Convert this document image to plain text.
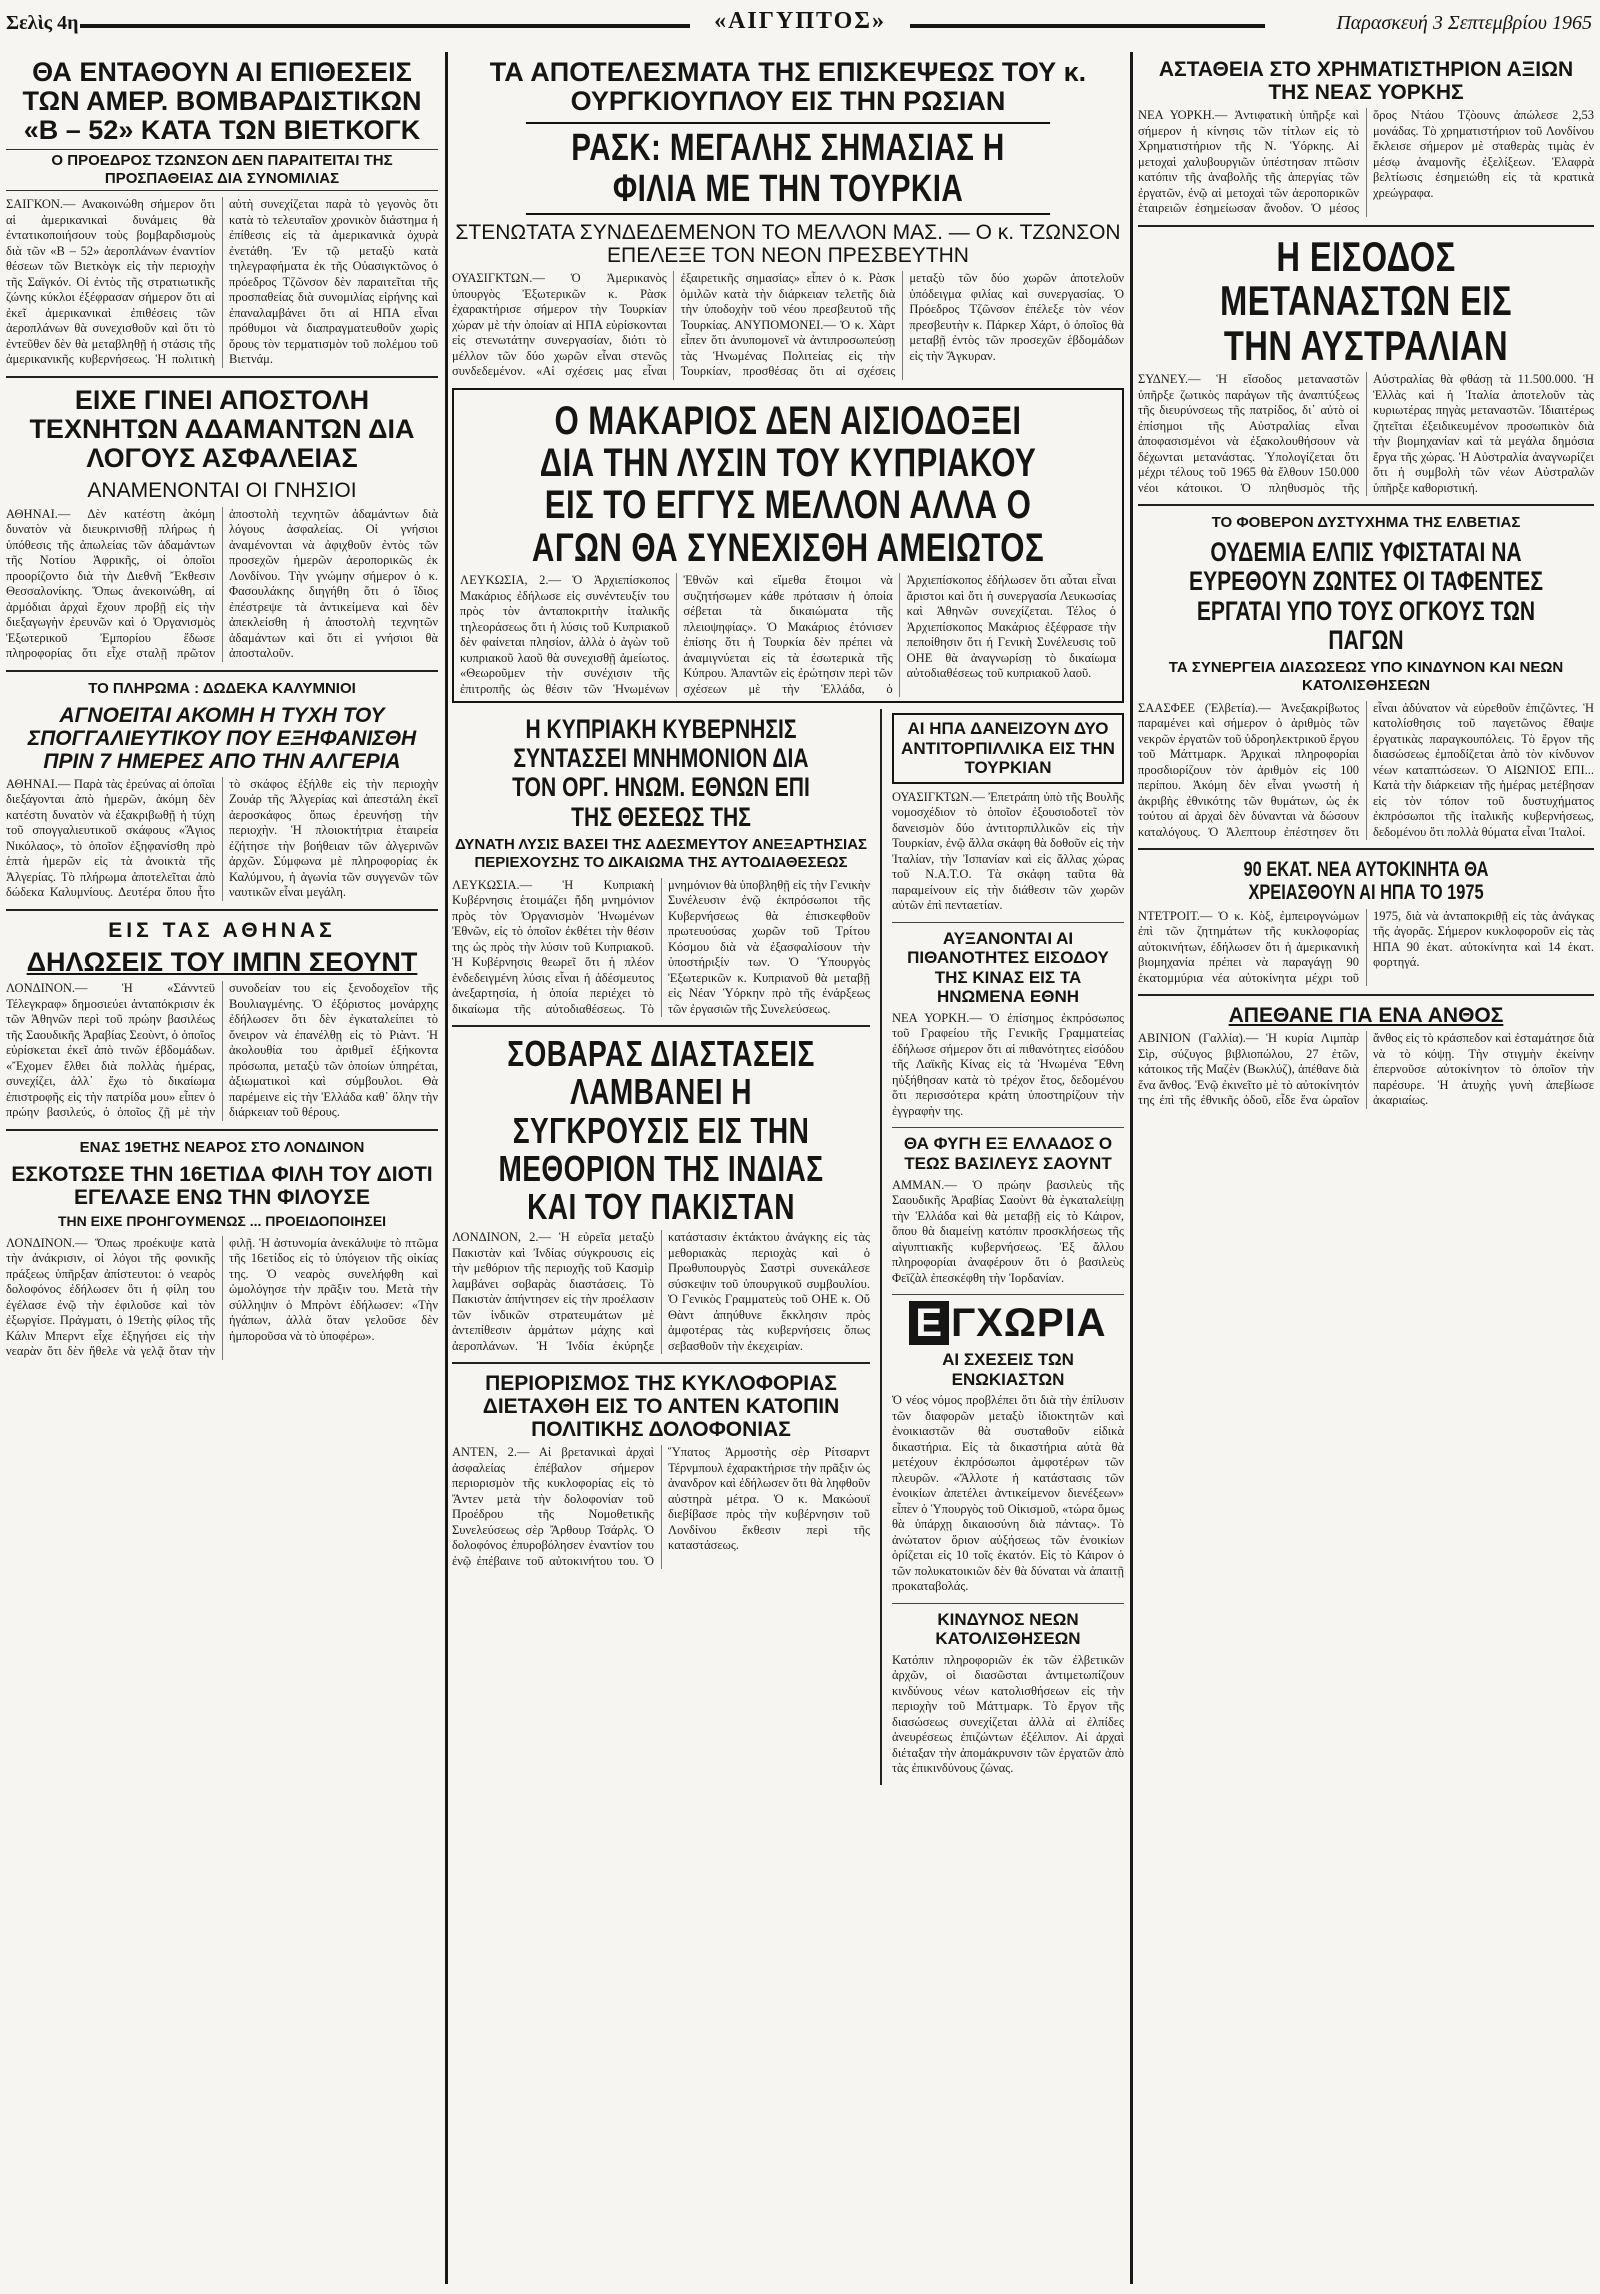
Σελὶς 4η	«ΑΙΓΥΠΤΟΣ»	Παρασκευή 3 Σεπτεμβρίου 1965
ΘΑ ΕΝΤΑΘΟΥΝ ΑΙ ΕΠΙΘΕΣΕΙΣ ΤΩΝ ΑΜΕΡ. ΒΟΜΒΑΡΔΙΣΤΙΚΩΝ «Β – 52» ΚΑΤΑ ΤΩΝ ΒΙΕΤΚΟΓΚ
Ο ΠΡΟΕΔΡΟΣ ΤΖΩΝΣΟΝ ΔΕΝ ΠΑΡΑΙΤΕΙΤΑΙ ΤΗΣ ΠΡΟΣΠΑΘΕΙΑΣ ΔΙΑ ΣΥΝΟΜΙΛΙΑΣ

ΣΑΙΓΚΟΝ.— Ανακοινώθη σήμερον ὅτι αἱ ἀμερικανικαὶ δυνάμεις θὰ ἐντατικοποιήσουν τοὺς βομβαρδισμοὺς διὰ τῶν «Β – 52» ἀεροπλάνων ἐναντίον θέσεων τῶν Βιετκὸγκ εἰς τὴν περιοχὴν τῆς Σαϊγκόν. Οἱ ἐντὸς τῆς στρατιωτικῆς ζώνης κύκλοι ἐξέφρασαν σήμερον ὅτι αἱ ἐκεῖ ἀμερικανικαὶ ἐπιθέσεις τῶν ἀεροπλάνων θὰ συνεχισθοῦν καὶ ὅτι τὸ ἐντεῦθεν δὲν θὰ μεταβληθῇ ἡ στάσις τῆς ἀμερικανικῆς κυβερνήσεως. Ἡ πολιτικὴ αὐτὴ συνεχίζεται παρὰ τὸ γεγονὸς ὅτι κατὰ τὸ τελευταῖον χρονικὸν διάστημα ἡ ἐπίθεσις εἰς τὰ ἀμερικανικὰ ὀχυρὰ ἐνετάθη. Ἐν τῷ μεταξὺ κατὰ τηλεγραφήματα ἐκ τῆς Οὐασιγκτῶνος ὁ πρόεδρος Τζῶνσον δὲν παραιτεῖται τῆς προσπαθείας διὰ συνομιλίας εἰρήνης καὶ ἐπαναλαμβάνει ὅτι αἱ ΗΠΑ εἶναι πρόθυμοι νὰ διαπραγματευθοῦν χωρὶς ὅρους τὸν τερματισμὸν τοῦ πολέμου τοῦ Βιετνάμ.

ΕΙΧΕ ΓΙΝΕΙ ΑΠΟΣΤΟΛΗ ΤΕΧΝΗΤΩΝ ΑΔΑΜΑΝΤΩΝ ΔΙΑ ΛΟΓΟΥΣ ΑΣΦΑΛΕΙΑΣ
ΑΝΑΜΕΝΟΝΤΑΙ ΟΙ ΓΝΗΣΙΟΙ

ΑΘΗΝΑΙ.— Δὲν κατέστη ἀκόμη δυνατὸν νὰ διευκρινισθῇ πλήρως ἡ ὑπόθεσις τῆς ἀπωλείας τῶν ἀδαμάντων τῆς Νοτίου Ἀφρικῆς, οἱ ὁποῖοι προορίζοντο διὰ τὴν Διεθνῆ Ἔκθεσιν Θεσσαλονίκης. Ὅπως ἀνεκοινώθη, αἱ ἀρμόδιαι ἀρχαὶ ἔχουν προβῇ εἰς τὴν διεξαγωγὴν ἐρευνῶν καὶ ὁ Ὀργανισμὸς Ἐξωτερικοῦ Ἐμπορίου ἔδωσε πληροφορίας ὅτι εἶχε σταλῇ πρῶτον ἀποστολὴ τεχνητῶν ἀδαμάντων διὰ λόγους ἀσφαλείας. Οἱ γνήσιοι ἀναμένονται νὰ ἀφιχθοῦν ἐντὸς τῶν προσεχῶν ἡμερῶν ἀεροπορικῶς ἐκ Λονδίνου. Τὴν γνώμην σήμερον ὁ κ. Φασουλάκης διηγήθη ὅτι ὁ ἴδιος ἐπέστρεψε τὰ ἀντικείμενα καὶ δὲν ἀπεκλείσθη ἡ ἀποστολὴ τεχνητῶν ἀδαμάντων καὶ ὅτι εἰ γνήσιοι θὰ ἀποσταλοῦν.

ΤΟ ΠΛΗΡΩΜΑ : ΔΩΔΕΚΑ ΚΑΛΥΜΝΙΟΙ
ΑΓΝΟΕΙΤΑΙ ΑΚΟΜΗ Η ΤΥΧΗ ΤΟΥ ΣΠΟΓΓΑΛΙΕΥΤΙΚΟΥ ΠΟΥ ΕΞΗΦΑΝΙΣΘΗ ΠΡΙΝ 7 ΗΜΕΡΕΣ ΑΠΟ ΤΗΝ ΑΛΓΕΡΙΑ

ΑΘΗΝΑΙ.— Παρὰ τὰς ἐρεύνας αἱ ὁποῖαι διεξάγονται ἀπὸ ἡμερῶν, ἀκόμη δὲν κατέστη δυνατὸν νὰ ἐξακριβωθῇ ἡ τύχη τοῦ σπογγαλιευτικοῦ σκάφους «Ἅγιος Νικόλαος», τὸ ὁποῖον ἐξηφανίσθη πρὸ ἑπτὰ ἡμερῶν εἰς τὰ ἀνοικτὰ τῆς Ἀλγερίας. Τὸ πλήρωμα ἀποτελεῖται ἀπὸ δώδεκα Καλυμνίους. Δευτέρα ὅπου ἦτο τὸ σκάφος ἐξήλθε εἰς τὴν περιοχὴν Ζουάρ τῆς Ἀλγερίας καὶ ἀπεστάλη ἐκεῖ ἀεροσκάφος ὅπως ἐρευνήσῃ τὴν περιοχὴν. Ἡ πλοιοκτήτρια ἑταιρεία ἐζήτησε τὴν βοήθειαν τῶν ἀλγερινῶν ἀρχῶν. Σύμφωνα μὲ πληροφορίας ἐκ Καλύμνου, ἡ ἀγωνία τῶν συγγενῶν τῶν ναυτικῶν εἶναι μεγάλη.

ΕΙΣ ΤΑΣ ΑΘΗΝΑΣ
ΔΗΛΩΣΕΙΣ ΤΟΥ ΙΜΠΝ ΣΕΟΥΝΤ

ΛΟΝΔΙΝΟΝ.— Ἡ «Σάνντεϋ Τέλεγκραφ» δημοσιεύει ἀνταπόκρισιν ἐκ τῶν Ἀθηνῶν περὶ τοῦ πρώην βασιλέως τῆς Σαουδικῆς Ἀραβίας Σεοὺντ, ὁ ὁποῖος εὑρίσκεται ἐκεῖ ἀπὸ τινῶν ἑβδομάδων. «Ἔχομεν ἔλθει διὰ πολλὰς ἡμέρας, συνεχίζει, ἀλλ᾽ ἔχω τὸ δικαίωμα ἐπιστροφῆς εἰς τὴν πατρίδα μου» εἶπεν ὁ πρώην βασιλεύς, ὁ ὁποῖος ζῇ μὲ τὴν συνοδείαν του εἰς ξενοδοχεῖον τῆς Βουλιαγμένης. Ὁ ἐξόριστος μονάρχης ἐδήλωσεν ὅτι δὲν ἐγκαταλείπει τὸ ὄνειρον νὰ ἐπανέλθῃ εἰς τὸ Ριὰντ. Ἡ ἀκολουθία του ἀριθμεῖ ἑξήκοντα πρόσωπα, μεταξὺ τῶν ὁποίων ὑπηρέται, ἀξιωματικοὶ καὶ σύμβουλοι. Θὰ παρέμεινε εἰς τὴν Ἑλλάδα καθ᾽ ὅλην τὴν διάρκειαν τοῦ θέρους.

ΕΝΑΣ 19ΕΤΗΣ ΝΕΑΡΟΣ ΣΤΟ ΛΟΝΔΙΝΟΝ
ΕΣΚΟΤΩΣΕ ΤΗΝ 16ΕΤΙΔΑ ΦΙΛΗ ΤΟΥ ΔΙΟΤΙ ΕΓΕΛΑΣΕ ΕΝΩ ΤΗΝ ΦΙΛΟΥΣΕ
ΤΗΝ ΕΙΧΕ ΠΡΟΗΓΟΥΜΕΝΩΣ ... ΠΡΟΕΙΔΟΠΟΙΗΣΕΙ

ΛΟΝΔΙΝΟΝ.— Ὅπως προέκυψε κατὰ τὴν ἀνάκρισιν, οἱ λόγοι τῆς φονικῆς πράξεως ὑπῆρξαν ἀπίστευτοι: ὁ νεαρὸς δολοφόνος ἐδήλωσεν ὅτι ἡ φίλη του ἐγέλασε ἐνῷ τὴν ἐφιλοῦσε καὶ τὸν ἐξωργίσε. Πράγματι, ὁ 19ετὴς φίλος τῆς Κάλιν Μπερντ εἶχε ἐξηγήσει εἰς τὴν νεαρὰν ὅτι δὲν ἤθελε νὰ γελᾷ ὅταν τὴν φιλῇ. Ἡ ἀστυνομία ἀνεκάλυψε τὸ πτῶμα τῆς 16ετίδος εἰς τὸ ὑπόγειον τῆς οἰκίας της. Ὁ νεαρὸς συνελήφθη καὶ ὡμολόγησε τὴν πρᾶξιν του. Μετὰ τὴν σύλληψιν ὁ Μπρὸντ ἐδήλωσεν: «Τὴν ἠγάπων, ἀλλὰ ὅταν γελοῦσε δὲν ἠμποροῦσα νὰ τὸ ὑποφέρω».

ΤΑ ΑΠΟΤΕΛΕΣΜΑΤΑ ΤΗΣ ΕΠΙΣΚΕΨΕΩΣ ΤΟΥ κ. ΟΥΡΓΚΙΟΥΠΛΟΥ ΕΙΣ ΤΗΝ ΡΩΣΙΑΝ
ΡΑΣΚ: ΜΕΓΑΛΗΣ ΣΗΜΑΣΙΑΣ Η ΦΙΛΙΑ ΜΕ ΤΗΝ ΤΟΥΡΚΙΑ
ΣΤΕΝΩΤΑΤΑ ΣΥΝΔΕΔΕΜΕΝΟΝ ΤΟ ΜΕΛΛΟΝ ΜΑΣ. — Ο κ. ΤΖΩΝΣΟΝ ΕΠΕΛΕΞΕ ΤΟΝ ΝΕΟΝ ΠΡΕΣΒΕΥΤΗΝ

ΟΥΑΣΙΓΚΤΩΝ.— Ὁ Ἀμερικανὸς ὑπουργὸς Ἐξωτερικῶν κ. Ρὰσκ ἐχαρακτήρισε σήμερον τὴν Τουρκίαν χώραν μὲ τὴν ὁποίαν αἱ ΗΠΑ εὑρίσκονται εἰς στενωτάτην συνεργασίαν, διότι τὸ μέλλον τῶν δύο χωρῶν εἶναι στενῶς συνδεδεμένον. «Αἱ σχέσεις μας εἶναι ἐξαιρετικῆς σημασίας» εἶπεν ὁ κ. Ρὰσκ ὁμιλῶν κατὰ τὴν διάρκειαν τελετῆς διὰ τὴν ὑποδοχὴν τοῦ νέου πρεσβευτοῦ τῆς Τουρκίας. ΑΝΥΠΟΜΟΝΕΙ.— Ὁ κ. Χὰρτ εἶπεν ὅτι ἀνυπομονεῖ νὰ ἀντιπροσωπεύσῃ τὰς Ἡνωμένας Πολιτείας εἰς τὴν Τουρκίαν, προσθέσας ὅτι αἱ σχέσεις μεταξὺ τῶν δύο χωρῶν ἀποτελοῦν ὑπόδειγμα φιλίας καὶ συνεργασίας. Ὁ Πρόεδρος Τζῶνσον ἐπέλεξε τὸν νέον πρεσβευτὴν κ. Πάρκερ Χάρτ, ὁ ὁποῖος θὰ μεταβῇ ἐντὸς τῶν προσεχῶν ἑβδομάδων εἰς τὴν Ἄγκυραν.

Ο ΜΑΚΑΡΙΟΣ ΔΕΝ ΑΙΣΙΟΔΟΞΕΙ ΔΙΑ ΤΗΝ ΛΥΣΙΝ ΤΟΥ ΚΥΠΡΙΑΚΟΥ ΕΙΣ ΤΟ ΕΓΓΥΣ ΜΕΛΛΟΝ ΑΛΛΑ Ο ΑΓΩΝ ΘΑ ΣΥΝΕΧΙΣΘΗ ΑΜΕΙΩΤΟΣ

ΛΕΥΚΩΣΙΑ, 2.— Ὁ Ἀρχιεπίσκοπος Μακάριος ἐδήλωσε εἰς συνέντευξίν του πρὸς τὸν ἀνταποκριτὴν ἰταλικῆς τηλεοράσεως ὅτι ἡ λύσις τοῦ Κυπριακοῦ δὲν φαίνεται πλησίον, ἀλλὰ ὁ ἀγὼν τοῦ κυπριακοῦ λαοῦ θὰ συνεχισθῇ ἀμείωτος. «Θεωροῦμεν τὴν συνέχισιν τῆς ἐπιτροπῆς ὡς θέσιν τῶν Ἡνωμένων Ἐθνῶν καὶ εἴμεθα ἕτοιμοι νὰ συζητήσωμεν κάθε πρότασιν ἡ ὁποία σέβεται τὰ δικαιώματα τῆς πλειοψηφίας». Ὁ Μακάριος ἐτόνισεν ἐπίσης ὅτι ἡ Τουρκία δὲν πρέπει νὰ ἀναμιγνύεται εἰς τὰ ἐσωτερικὰ τῆς Κύπρου. Ἀπαντῶν εἰς ἐρώτησιν περὶ τῶν σχέσεων μὲ τὴν Ἑλλάδα, ὁ Ἀρχιεπίσκοπος ἐδήλωσεν ὅτι αὗται εἶναι ἄριστοι καὶ ὅτι ἡ συνεργασία Λευκωσίας καὶ Ἀθηνῶν συνεχίζεται. Τέλος ὁ Ἀρχιεπίσκοπος Μακάριος ἐξέφρασε τὴν πεποίθησιν ὅτι ἡ Γενικὴ Συνέλευσις τοῦ ΟΗΕ θὰ ἀναγνωρίσῃ τὸ δικαίωμα αὐτοδιαθέσεως τοῦ κυπριακοῦ λαοῦ.

Η ΚΥΠΡΙΑΚΗ ΚΥΒΕΡΝΗΣΙΣ ΣΥΝΤΑΣΣΕΙ ΜΝΗΜΟΝΙΟΝ ΔΙΑ ΤΟΝ ΟΡΓ. ΗΝΩΜ. ΕΘΝΩΝ ΕΠΙ ΤΗΣ ΘΕΣΕΩΣ ΤΗΣ
ΔΥΝΑΤΗ ΛΥΣΙΣ ΒΑΣΕΙ ΤΗΣ ΑΔΕΣΜΕΥΤΟΥ ΑΝΕΞΑΡΤΗΣΙΑΣ ΠΕΡΙΕΧΟΥΣΗΣ ΤΟ ΔΙΚΑΙΩΜΑ ΤΗΣ ΑΥΤΟΔΙΑΘΕΣΕΩΣ

ΛΕΥΚΩΣΙΑ.— Ἡ Κυπριακὴ Κυβέρνησις ἑτοιμάζει ἤδη μνημόνιον πρὸς τὸν Ὀργανισμὸν Ἡνωμένων Ἐθνῶν, εἰς τὸ ὁποῖον ἐκθέτει τὴν θέσιν της ὡς πρὸς τὴν λύσιν τοῦ Κυπριακοῦ. Ἡ Κυβέρνησις θεωρεῖ ὅτι ἡ πλέον ἐνδεδειγμένη λύσις εἶναι ἡ ἀδέσμευτος ἀνεξαρτησία, ἡ ὁποία περιέχει τὸ δικαίωμα τῆς αὐτοδιαθέσεως. Τὸ μνημόνιον θὰ ὑποβληθῇ εἰς τὴν Γενικὴν Συνέλευσιν ἐνῷ ἐκπρόσωποι τῆς Κυβερνήσεως θὰ ἐπισκεφθοῦν πρωτευούσας χωρῶν τοῦ Τρίτου Κόσμου διὰ νὰ ἐξασφαλίσουν τὴν ὑποστήριξίν των. Ὁ Ὑπουργὸς Ἐξωτερικῶν κ. Κυπριανοῦ θὰ μεταβῇ εἰς Νέαν Ὑόρκην πρὸ τῆς ἐνάρξεως τῶν ἐργασιῶν τῆς Συνελεύσεως.

ΣΟΒΑΡΑΣ ΔΙΑΣΤΑΣΕΙΣ ΛΑΜΒΑΝΕΙ Η ΣΥΓΚΡΟΥΣΙΣ ΕΙΣ ΤΗΝ ΜΕΘΟΡΙΟΝ ΤΗΣ ΙΝΔΙΑΣ ΚΑΙ ΤΟΥ ΠΑΚΙΣΤΑΝ

ΛΟΝΔΙΝΟΝ, 2.— Ἡ εὐρεῖα μεταξὺ Πακιστὰν καὶ Ἰνδίας σύγκρουσις εἰς τὴν μεθόριον τῆς περιοχῆς τοῦ Κασμὶρ λαμβάνει σοβαρὰς διαστάσεις. Τὸ Πακιστὰν ἀπήντησεν εἰς τὴν προέλασιν τῶν ἰνδικῶν στρατευμάτων μὲ ἀντεπίθεσιν ἀρμάτων μάχης καὶ ἀεροπλάνων. Ἡ Ἰνδία ἐκύρηξε κατάστασιν ἐκτάκτου ἀνάγκης εἰς τὰς μεθοριακὰς περιοχὰς καὶ ὁ Πρωθυπουργὸς Σαστρὶ συνεκάλεσε σύσκεψιν τοῦ ὑπουργικοῦ συμβουλίου. Ὁ Γενικὸς Γραμματεὺς τοῦ ΟΗΕ κ. Οὔ Θὰντ ἀπηύθυνε ἔκκλησιν πρὸς ἀμφοτέρας τὰς κυβερνήσεις ὅπως σεβασθοῦν τὴν ἐκεχειρίαν.

ΠΕΡΙΟΡΙΣΜΟΣ ΤΗΣ ΚΥΚΛΟΦΟΡΙΑΣ ΔΙΕΤΑΧΘΗ ΕΙΣ ΤΟ ΑΝΤΕΝ ΚΑΤΟΠΙΝ ΠΟΛΙΤΙΚΗΣ ΔΟΛΟΦΟΝΙΑΣ

ΑΝΤΕΝ, 2.— Αἱ βρετανικαὶ ἀρχαὶ ἀσφαλείας ἐπέβαλον σήμερον περιορισμὸν τῆς κυκλοφορίας εἰς τὸ Ἄντεν μετὰ τὴν δολοφονίαν τοῦ Προέδρου τῆς Νομοθετικῆς Συνελεύσεως σὲρ Ἄρθουρ Τσάρλς. Ὁ δολοφόνος ἐπυροβόλησεν ἐναντίον του ἐνῷ ἐπέβαινε τοῦ αὐτοκινήτου του. Ὁ Ὕπατος Ἁρμοστὴς σὲρ Ρίτσαρντ Τέρνμπουλ ἐχαρακτήρισε τὴν πρᾶξιν ὡς ἀνανδρον καὶ ἐδήλωσεν ὅτι θὰ ληφθοῦν αὐστηρὰ μέτρα. Ὁ κ. Μακώουϊ διεβίβασε πρὸς τὴν κυβέρνησιν τοῦ Λονδίνου ἔκθεσιν περὶ τῆς καταστάσεως.

ΑΙ ΗΠΑ ΔΑΝΕΙΖΟΥΝ ΔΥΟ ΑΝΤΙΤΟΡΠΙΛΛΙΚΑ ΕΙΣ ΤΗΝ ΤΟΥΡΚΙΑΝ

ΟΥΑΣΙΓΚΤΩΝ.— Ἐπετράπη ὑπὸ τῆς Βουλῆς νομοσχέδιον τὸ ὁποῖον ἐξουσιοδοτεῖ τὸν δανεισμὸν δύο ἀντιτορπιλλικῶν εἰς τὴν Τουρκίαν, ἐνῷ ἄλλα σκάφη θὰ δοθοῦν εἰς τὴν Ἰταλίαν, τὴν Ἰσπανίαν καὶ εἰς ἄλλας χώρας τοῦ Ν.Α.Τ.Ο. Τὰ σκάφη ταῦτα θὰ παραμείνουν εἰς τὴν διάθεσιν τῶν χωρῶν αὐτῶν ἐπὶ πενταετίαν.

ΑΥΞΑΝΟΝΤΑΙ ΑΙ ΠΙΘΑΝΟΤΗΤΕΣ ΕΙΣΟΔΟΥ ΤΗΣ ΚΙΝΑΣ ΕΙΣ ΤΑ ΗΝΩΜΕΝΑ ΕΘΝΗ

ΝΕΑ ΥΟΡΚΗ.— Ὁ ἐπίσημος ἐκπρόσωπος τοῦ Γραφείου τῆς Γενικῆς Γραμματείας ἐδήλωσε σήμερον ὅτι αἱ πιθανότητες εἰσόδου τῆς Λαϊκῆς Κίνας εἰς τὰ Ἡνωμένα Ἔθνη ηὐξήθησαν κατὰ τὸ τρέχον ἔτος, δεδομένου ὅτι περισσότερα κράτη ὑποστηρίζουν τὴν ἐγγραφὴν της.

ΘΑ ΦΥΓΗ ΕΞ ΕΛΛΑΔΟΣ Ο ΤΕΩΣ ΒΑΣΙΛΕΥΣ ΣΑΟΥΝΤ

ΑΜΜΑΝ.— Ὁ πρώην βασιλεὺς τῆς Σαουδικῆς Ἀραβίας Σαοὺντ θὰ ἐγκαταλείψῃ τὴν Ἑλλάδα καὶ θὰ μεταβῇ εἰς τὸ Κάιρον, ὅπου θὰ διαμείνῃ κατόπιν προσκλήσεως τῆς αἰγυπτιακῆς κυβερνήσεως. Ἐξ ἄλλου πληροφορίαι ἀναφέρουν ὅτι ὁ βασιλεὺς Φεϊζὰλ ἐπεσκέφθη τὴν Ἰορδανίαν.

Ε ΓΧΩΡΙΑ
ΑΙ ΣΧΕΣΕΙΣ ΤΩΝ ΕΝΩΚΙΑΣΤΩΝ

Ὁ νέος νόμος προβλέπει ὅτι διὰ τὴν ἐπίλυσιν τῶν διαφορῶν μεταξὺ ἰδιοκτητῶν καὶ ἐνοικιαστῶν θὰ συσταθοῦν εἰδικὰ δικαστήρια. Εἰς τὰ δικαστήρια αὐτὰ θὰ μετέχουν ἐκπρόσωποι ἀμφοτέρων τῶν πλευρῶν. «Ἄλλοτε ἡ κατάστασις τῶν ἐνοικίων ἀπετέλει ἀντικείμενον διενέξεων» εἶπεν ὁ Ὑπουργὸς τοῦ Οἰκισμοῦ, «τώρα ὅμως θὰ ὑπάρχῃ δικαιοσύνη διὰ πάντας». Τὸ ἀνώτατον ὅριον αὐξήσεως τῶν ἐνοικίων ὁρίζεται εἰς 10 τοῖς ἑκατόν. Εἰς τὸ Κάιρον ὁ τῶν πολυκατοικιῶν δὲν θὰ δύναται νὰ ἀπαιτῇ προκαταβολάς.

ΚΙΝΔΥΝΟΣ ΝΕΩΝ ΚΑΤΟΛΙΣΘΗΣΕΩΝ

Κατόπιν πληροφοριῶν ἐκ τῶν ἐλβετικῶν ἀρχῶν, οἱ διασῶσται ἀντιμετωπίζουν κινδύνους νέων κατολισθήσεων εἰς τὴν περιοχὴν τοῦ Μάττμαρκ. Τὸ ἔργον τῆς διασώσεως συνεχίζεται ἀλλὰ αἱ ἐλπίδες ἀνευρέσεως ἐπιζώντων ἐξέλιπον. Αἱ ἀρχαὶ διέταξαν τὴν ἀπομάκρυνσιν τῶν ἐργατῶν ἀπὸ τὰς ἐπικινδύνους ζώνας.

ΑΣΤΑΘΕΙΑ ΣΤΟ ΧΡΗΜΑΤΙΣΤΗΡΙΟΝ ΑΞΙΩΝ ΤΗΣ ΝΕΑΣ ΥΟΡΚΗΣ

ΝΕΑ ΥΟΡΚΗ.— Ἀντιφατικὴ ὑπῆρξε καὶ σήμερον ἡ κίνησις τῶν τίτλων εἰς τὸ Χρηματιστήριον τῆς Ν. Ὑόρκης. Αἱ μετοχαὶ χαλυβουργιῶν ὑπέστησαν πτῶσιν κατόπιν τῆς ἀναβολῆς τῆς ἀπεργίας τῶν ἐργατῶν, ἐνῷ αἱ μετοχαὶ τῶν ἀεροπορικῶν ἑταιρειῶν ἐσημείωσαν ἄνοδον. Ὁ μέσος ὅρος Ντάου Τζὸουνς ἀπώλεσε 2,53 μονάδας. Τὸ χρηματιστήριον τοῦ Λονδίνου ἔκλεισε σήμερον μὲ σταθερὰς τιμὰς ἐν μέσῳ ἀναμονῆς ἐξελίξεων. Ἑλαφρὰ βελτίωσις ἐσημειώθη εἰς τὰ κρατικὰ χρεώγραφα.

Η ΕΙΣΟΔΟΣ ΜΕΤΑΝΑΣΤΩΝ ΕΙΣ ΤΗΝ ΑΥΣΤΡΑΛΙΑΝ

ΣΥΔΝΕΥ.— Ἡ εἴσοδος μεταναστῶν ὑπῆρξε ζωτικὸς παράγων τῆς ἀναπτύξεως τῆς διευρύνσεως τῆς πατρίδος, δι᾽ αὐτὸ οἱ ἐπίσημοι τῆς Αὐστραλίας εἶναι ἀποφασισμένοι νὰ ἐξακολουθήσουν νὰ δέχωνται μετανάστας. Ὑπολογίζεται ὅτι μέχρι τέλους τοῦ 1965 θὰ ἔλθουν 150.000 νέοι κάτοικοι. Ὁ πληθυσμὸς τῆς Αὐστραλίας θὰ φθάσῃ τὰ 11.500.000. Ἡ Ἑλλὰς καὶ ἡ Ἰταλία ἀποτελοῦν τὰς κυριωτέρας πηγὰς μεταναστῶν. Ἰδιαιτέρως ζητεῖται ἐξειδικευμένον προσωπικὸν διὰ τὴν βιομηχανίαν καὶ τὰ μεγάλα δημόσια ἔργα τῆς χώρας. Ἡ Αὐστραλία ἀναγνωρίζει ὅτι ἡ συμβολὴ τῶν νέων Αὐστραλῶν ὑπῆρξε καθοριστική.

ΤΟ ΦΟΒΕΡΟΝ ΔΥΣΤΥΧΗΜΑ ΤΗΣ ΕΛΒΕΤΙΑΣ
ΟΥΔΕΜΙΑ ΕΛΠΙΣ ΥΦΙΣΤΑΤΑΙ ΝΑ ΕΥΡΕΘΟΥΝ ΖΩΝΤΕΣ ΟΙ ΤΑΦΕΝΤΕΣ ΕΡΓΑΤΑΙ ΥΠΟ ΤΟΥΣ ΟΓΚΟΥΣ ΤΩΝ ΠΑΓΩΝ
ΤΑ ΣΥΝΕΡΓΕΙΑ ΔΙΑΣΩΣΕΩΣ ΥΠΟ ΚΙΝΔΥΝΟΝ ΚΑΙ ΝΕΩΝ ΚΑΤΟΛΙΣΘΗΣΕΩΝ

ΣΑΑΣΦΕΕ (Ἐλβετία).— Ἀνεξακρίβωτος παραμένει καὶ σήμερον ὁ ἀριθμὸς τῶν νεκρῶν ἐργατῶν τοῦ ὑδροηλεκτρικοῦ ἔργου τοῦ Μάττμαρκ. Ἀρχικαὶ πληροφορίαι προσδιορίζουν τὸν ἀριθμὸν εἰς 100 περίπου. Ἀκόμη δὲν εἶναι γνωστὴ ἡ ἀκριβὴς ἐθνικότης τῶν θυμάτων, ὡς ἐκ τούτου αἱ ἀρχαὶ δὲν δύνανται νὰ δώσουν καταλόγους. Ὁ Ἀλεπτουρ ἐπέστησεν ὅτι εἶναι ἀδύνατον νὰ εὑρεθοῦν ἐπιζῶντες. Ἡ κατολίσθησις τοῦ παγετῶνος ἔθαψε ἐργατικὰς παραγκουπόλεις. Τὸ ἔργον τῆς διασώσεως ἐμποδίζεται ἀπὸ τὸν κίνδυνον νέων καταπτώσεων. Ὁ ΑΙΩΝΙΟΣ ΕΠΙ... Κατὰ τὴν διάρκειαν τῆς ἡμέρας μετέβησαν εἰς τὸν τόπον τοῦ δυστυχήματος ἐκπρόσωποι τῆς ἰταλικῆς κυβερνήσεως, δεδομένου ὅτι πολλὰ θύματα εἶναι Ἰταλοί.

90 ΕΚΑΤ. ΝΕΑ ΑΥΤΟΚΙΝΗΤΑ ΘΑ ΧΡΕΙΑΣΘΟΥΝ ΑΙ ΗΠΑ ΤΟ 1975

ΝΤΕΤΡΟΙΤ.— Ὁ κ. Κὸξ, ἐμπειρογνώμων ἐπὶ τῶν ζητημάτων τῆς κυκλοφορίας αὐτοκινήτων, ἐδήλωσεν ὅτι ἡ ἀμερικανικὴ βιομηχανία πρέπει νὰ παραγάγῃ 90 ἑκατομμύρια νέα αὐτοκίνητα μέχρι τοῦ 1975, διὰ νὰ ἀνταποκριθῇ εἰς τὰς ἀνάγκας τῆς ἀγορᾶς. Σήμερον κυκλοφοροῦν εἰς τὰς ΗΠΑ 90 ἑκατ. αὐτοκίνητα καὶ 14 ἑκατ. φορτηγά.

ΑΠΕΘΑΝΕ ΓΙΑ ΕΝΑ ΑΝΘΟΣ

ΑΒΙΝΙΟΝ (Γαλλία).— Ἡ κυρία Λιμπὰρ Σὶρ, σύζυγος βιβλιοπώλου, 27 ἐτῶν, κάτοικος τῆς Μαζὲν (Βωκλύζ), ἀπέθανε διὰ ἕνα ἄνθος. Ἐνῷ ἐκινεῖτο μὲ τὸ αὐτοκίνητόν της ἐπὶ τῆς ἐθνικῆς ὁδοῦ, εἶδε ἕνα ὡραῖον ἄνθος εἰς τὸ κράσπεδον καὶ ἐσταμάτησε διὰ νὰ τὸ κόψῃ. Τὴν στιγμὴν ἐκείνην ἐπερνοῦσε αὐτοκίνητον τὸ ὁποῖον τὴν παρέσυρε. Ἡ ἀτυχὴς γυνὴ ἀπεβίωσε ἀκαριαίως.
